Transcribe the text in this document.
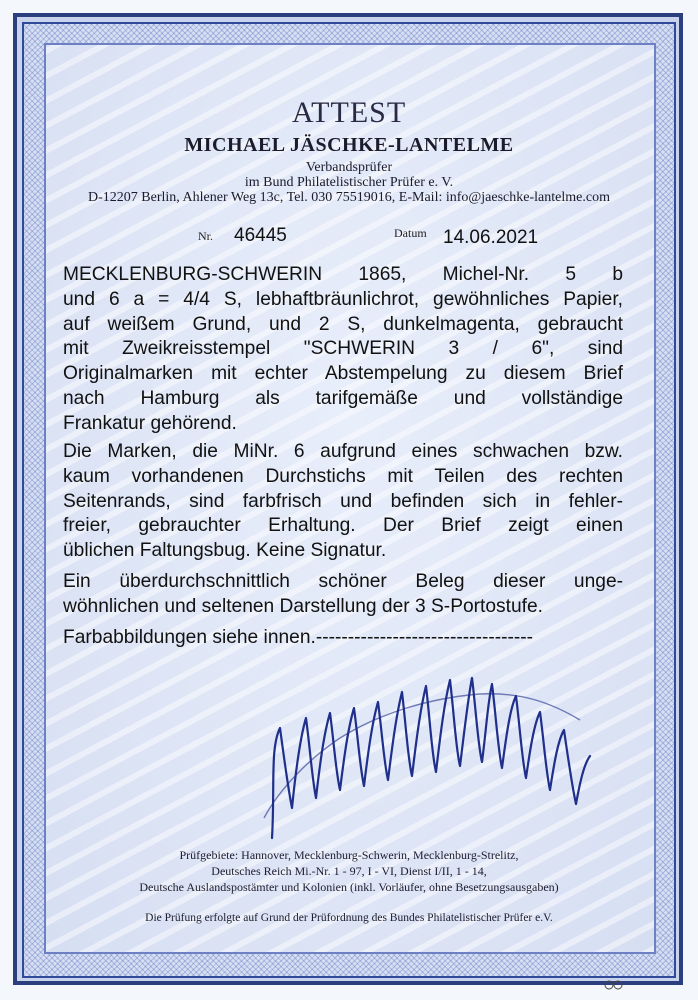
ATTEST
MICHAEL JÄSCHKE-LANTELME
Verbandsprüfer
im Bund Philatelistischer Prüfer e. V.
D-12207 Berlin, Ahlener Weg 13c, Tel. 030 75519016, E-Mail: info@jaeschke-lantelme.com
Nr. 46445	Datum 14.06.2021
MECKLENBURG-SCHWERIN 1865, Michel-Nr. 5 b
und 6 a = 4/4 S, lebhaftbräunlichrot, gewöhnliches Papier,
auf weißem Grund, und 2 S, dunkelmagenta, gebraucht
mit Zweikreisstempel "SCHWERIN 3 / 6", sind
Originalmarken mit echter Abstempelung zu diesem Brief
nach Hamburg als tarifgemäße und vollständige
Frankatur gehörend.
Die Marken, die MiNr. 6 aufgrund eines schwachen bzw.
kaum vorhandenen Durchstichs mit Teilen des rechten
Seitenrands, sind farbfrisch und befinden sich in fehler-
freier, gebrauchter Erhaltung. Der Brief zeigt einen
üblichen Faltungsbug. Keine Signatur.
Ein überdurchschnittlich schöner Beleg dieser unge-
wöhnlichen und seltenen Darstellung der 3 S-Portostufe.
Farbabbildungen siehe innen.----------------------------------
Prüfgebiete: Hannover, Mecklenburg-Schwerin, Mecklenburg-Strelitz,
Deutsches Reich Mi.-Nr. 1 - 97, I - VI, Dienst I/II, 1 - 14,
Deutsche Auslandspostämter und Kolonien (inkl. Vorläufer, ohne Besetzungsausgaben)
Die Prüfung erfolgte auf Grund der Prüfordnung des Bundes Philatelistischer Prüfer e.V.
